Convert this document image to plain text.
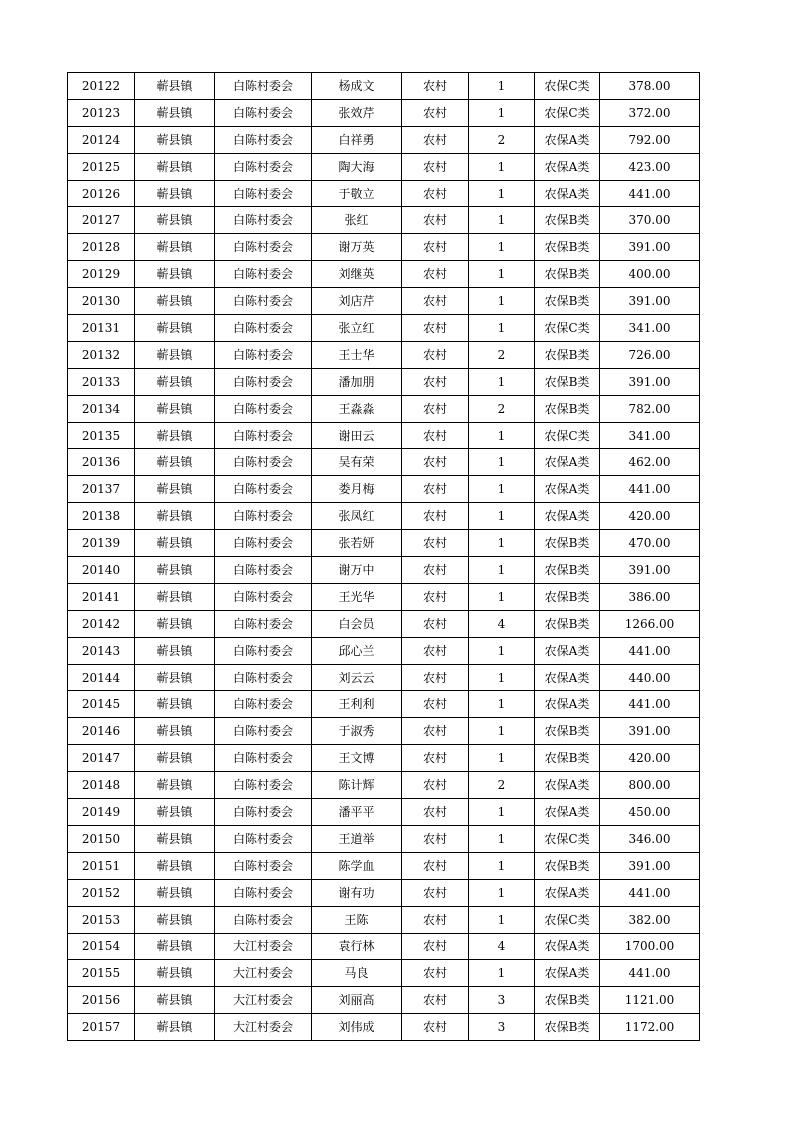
20122	蕲县镇	白陈村委会	杨成文	农村	1	农保C类	378.00
20123	蕲县镇	白陈村委会	张效芹	农村	1	农保C类	372.00
20124	蕲县镇	白陈村委会	白祥勇	农村	2	农保A类	792.00
20125	蕲县镇	白陈村委会	陶大海	农村	1	农保A类	423.00
20126	蕲县镇	白陈村委会	于敬立	农村	1	农保A类	441.00
20127	蕲县镇	白陈村委会	张红	农村	1	农保B类	370.00
20128	蕲县镇	白陈村委会	谢万英	农村	1	农保B类	391.00
20129	蕲县镇	白陈村委会	刘继英	农村	1	农保B类	400.00
20130	蕲县镇	白陈村委会	刘店芹	农村	1	农保B类	391.00
20131	蕲县镇	白陈村委会	张立红	农村	1	农保C类	341.00
20132	蕲县镇	白陈村委会	王士华	农村	2	农保B类	726.00
20133	蕲县镇	白陈村委会	潘加朋	农村	1	农保B类	391.00
20134	蕲县镇	白陈村委会	王淼淼	农村	2	农保B类	782.00
20135	蕲县镇	白陈村委会	谢田云	农村	1	农保C类	341.00
20136	蕲县镇	白陈村委会	吴有荣	农村	1	农保A类	462.00
20137	蕲县镇	白陈村委会	娄月梅	农村	1	农保A类	441.00
20138	蕲县镇	白陈村委会	张凤红	农村	1	农保A类	420.00
20139	蕲县镇	白陈村委会	张若妍	农村	1	农保B类	470.00
20140	蕲县镇	白陈村委会	谢万中	农村	1	农保B类	391.00
20141	蕲县镇	白陈村委会	王光华	农村	1	农保B类	386.00
20142	蕲县镇	白陈村委会	白会员	农村	4	农保B类	1266.00
20143	蕲县镇	白陈村委会	邱心兰	农村	1	农保A类	441.00
20144	蕲县镇	白陈村委会	刘云云	农村	1	农保A类	440.00
20145	蕲县镇	白陈村委会	王利利	农村	1	农保A类	441.00
20146	蕲县镇	白陈村委会	于淑秀	农村	1	农保B类	391.00
20147	蕲县镇	白陈村委会	王文博	农村	1	农保B类	420.00
20148	蕲县镇	白陈村委会	陈计辉	农村	2	农保A类	800.00
20149	蕲县镇	白陈村委会	潘平平	农村	1	农保A类	450.00
20150	蕲县镇	白陈村委会	王道举	农村	1	农保C类	346.00
20151	蕲县镇	白陈村委会	陈学血	农村	1	农保B类	391.00
20152	蕲县镇	白陈村委会	谢有功	农村	1	农保A类	441.00
20153	蕲县镇	白陈村委会	王陈	农村	1	农保C类	382.00
20154	蕲县镇	大江村委会	袁行林	农村	4	农保A类	1700.00
20155	蕲县镇	大江村委会	马良	农村	1	农保A类	441.00
20156	蕲县镇	大江村委会	刘丽高	农村	3	农保B类	1121.00
20157	蕲县镇	大江村委会	刘伟成	农村	3	农保B类	1172.00
